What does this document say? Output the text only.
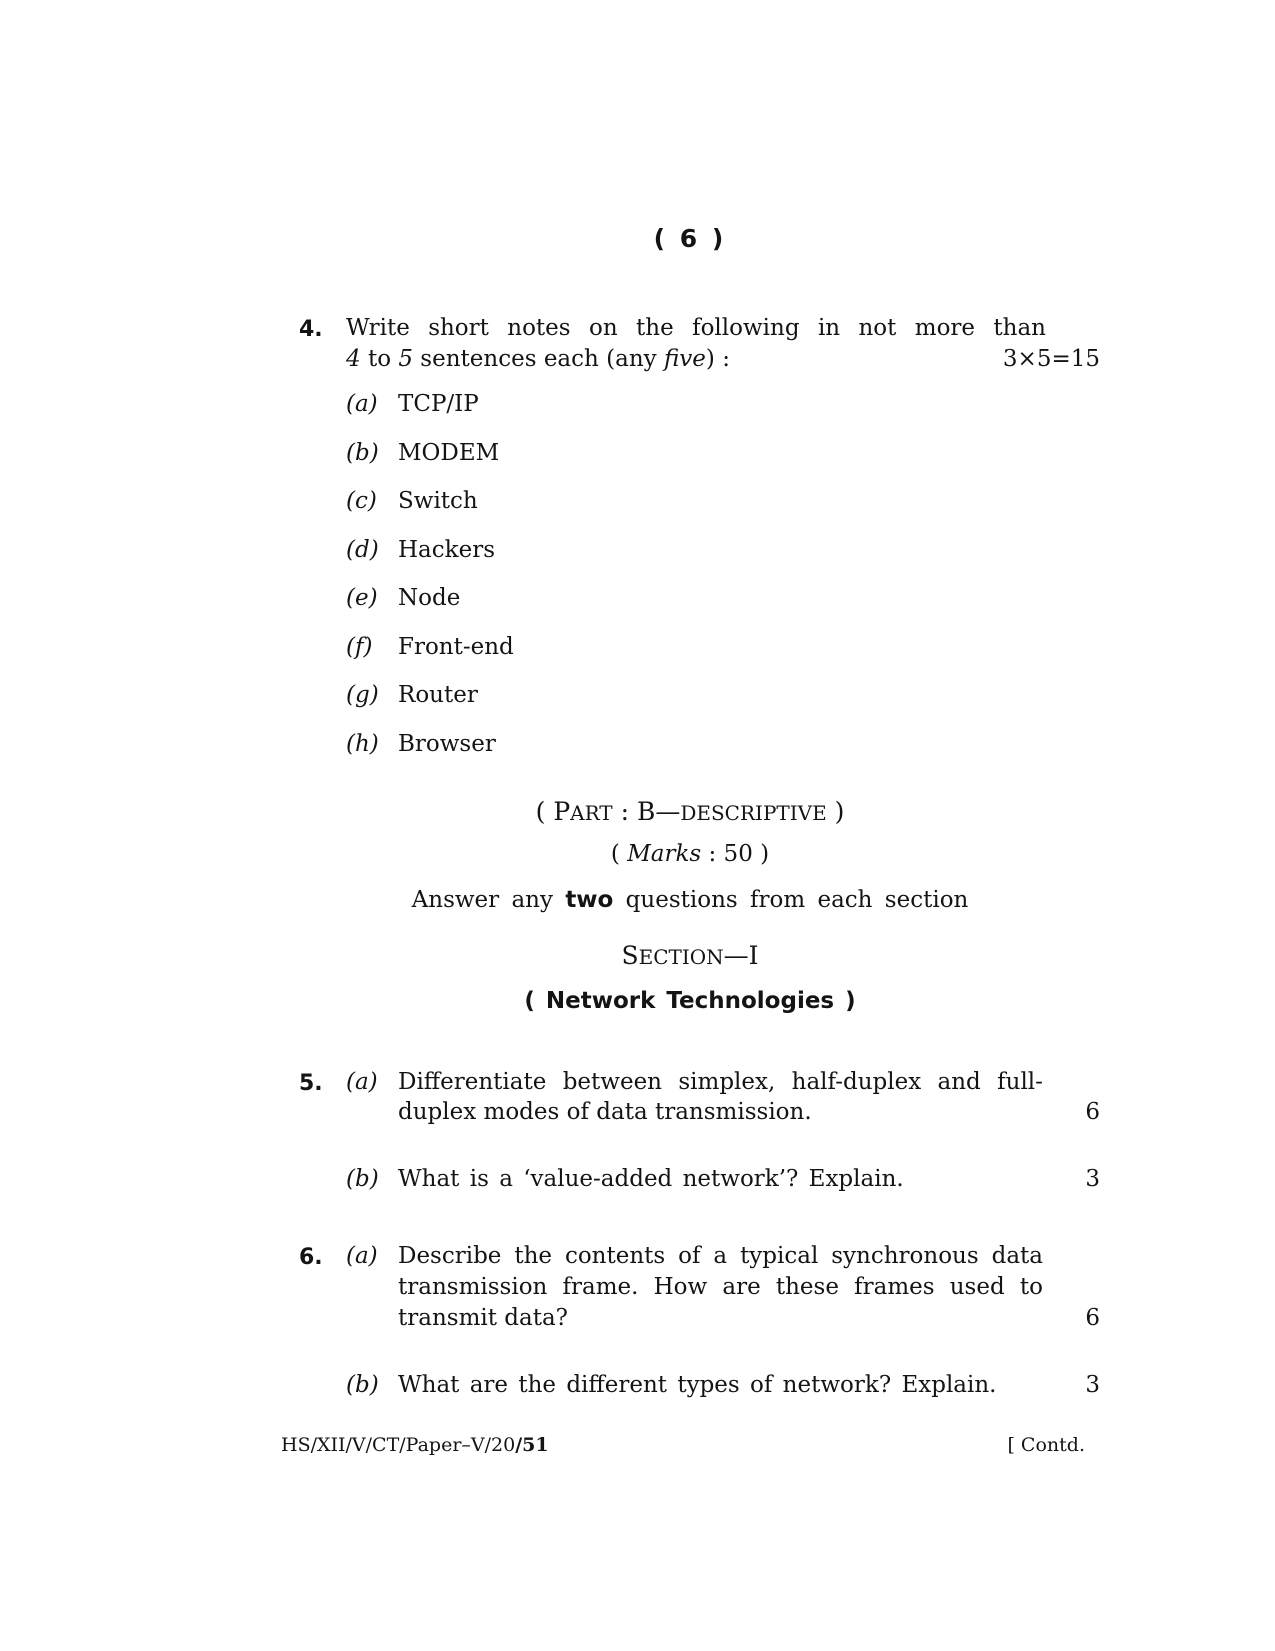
( 6 )
4. Write short notes on the following in not more than
4 to 5 sentences each (any five) :	3×5=15
(a) TCP/IP
(b) MODEM
(c) Switch
(d) Hackers
(e) Node
(f) Front-end
(g) Router
(h) Browser
( PART : B—DESCRIPTIVE )
( Marks : 50 )
Answer any two questions from each section
SECTION—I
( Network Technologies )
5. (a) Differentiate between simplex, half-duplex and full-
duplex modes of data transmission.	6
(b) What is a ‘value-added network’? Explain.	3
6. (a) Describe the contents of a typical synchronous data
transmission frame. How are these frames used to
transmit data?	6
(b) What are the different types of network? Explain.	3
HS/XII/V/CT/Paper–V/20/51	[ Contd.
